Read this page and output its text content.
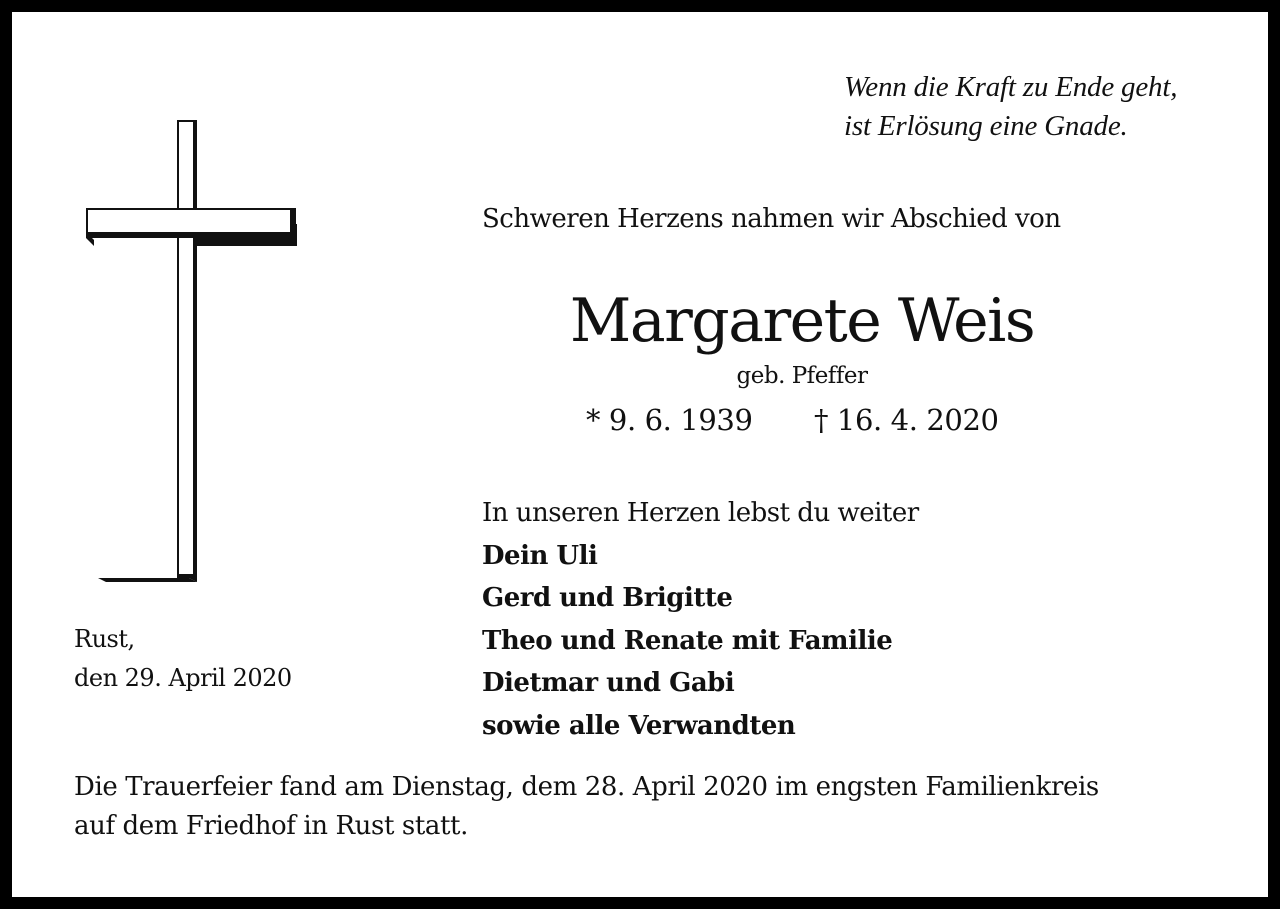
Wenn die Kraft zu Ende geht,
ist Erlösung eine Gnade.

Schweren Herzens nahmen wir Abschied von

Margarete Weis

geb. Pfeffer

* 9. 6. 1939 † 16. 4. 2020

In unseren Herzen lebst du weiter
Dein Uli
Gerd und Brigitte
Theo und Renate mit Familie
Dietmar und Gabi
sowie alle Verwandten

Rust,
den 29. April 2020

Die Trauerfeier fand am Dienstag, dem 28. April 2020 im engsten Familienkreis
auf dem Friedhof in Rust statt.
